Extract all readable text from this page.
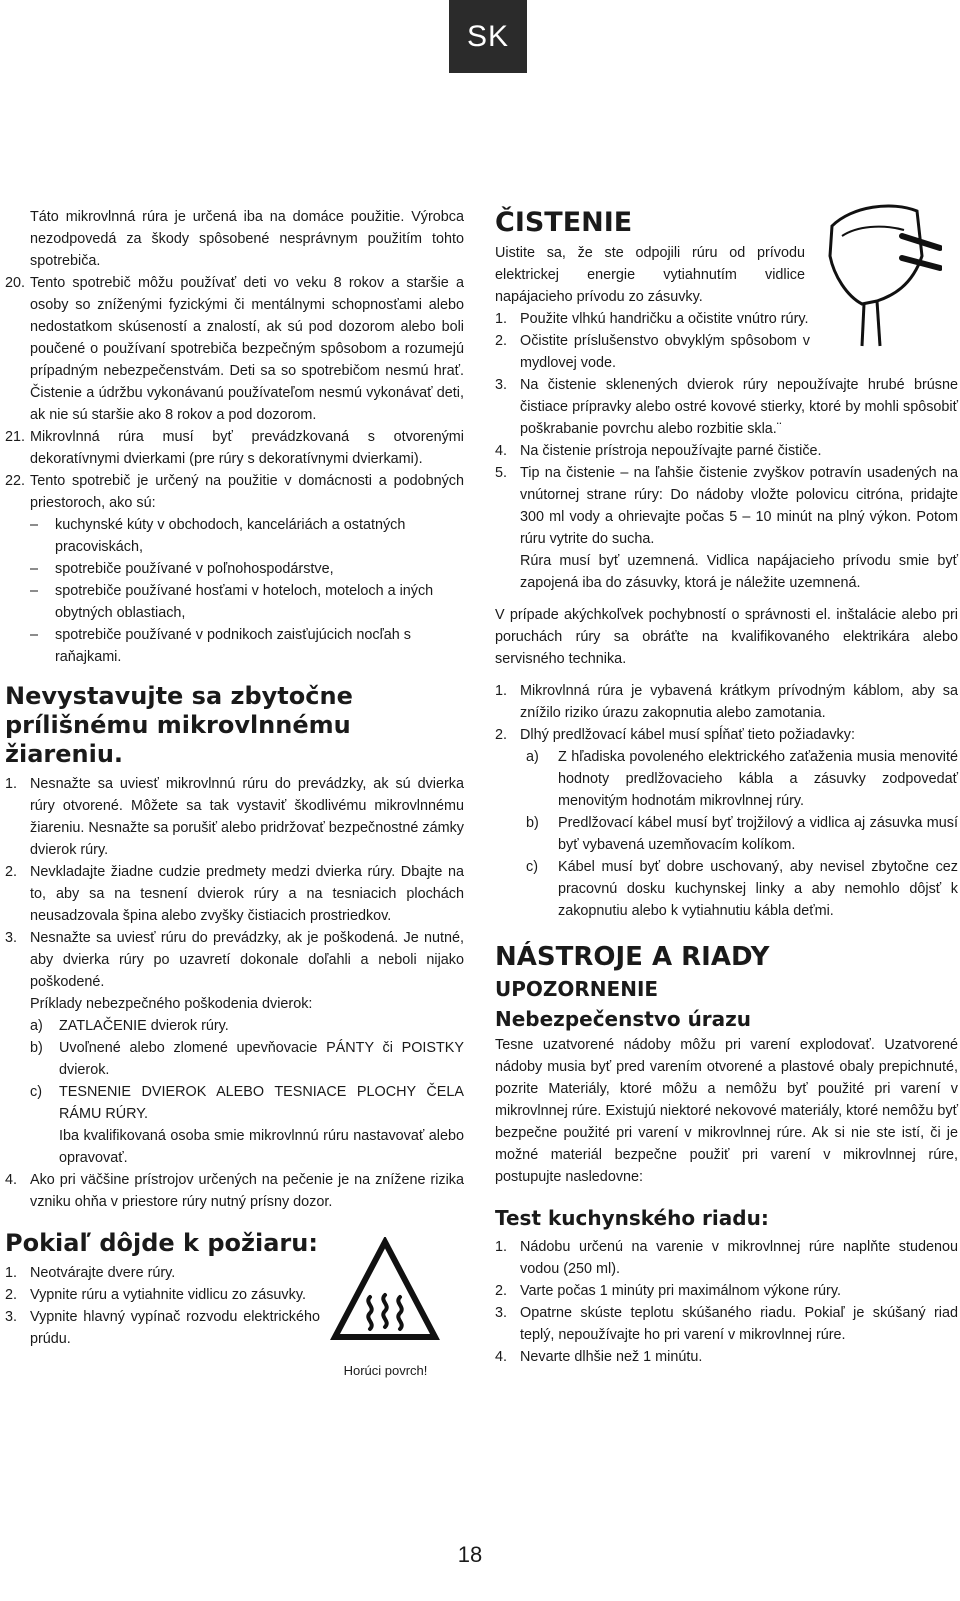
SK

Táto mikrovlnná rúra je určená iba na domáce použitie. Výrobca nezodpovedá za škody spôsobené nesprávnym použitím tohto spotrebiča.

20. Tento spotrebič môžu používať deti vo veku 8 rokov a staršie a osoby so zníženými fyzickými či mentálnymi schopnosťami alebo nedostatkom skúseností a znalostí, ak sú pod dozorom alebo boli poučené o používaní spotrebiča bezpečným spôsobom a rozumejú prípadným nebezpečenstvám. Deti sa so spotrebičom nesmú hrať. Čistenie a údržbu vykonávanú používateľom nesmú vykonávať deti, ak nie sú staršie ako 8 rokov a pod dozorom.
21. Mikrovlnná rúra musí byť prevádzkovaná s otvorenými dekoratívnymi dvierkami (pre rúry s dekoratívnymi dvierkami).
22. Tento spotrebič je určený na použitie v domácnosti a podobných priestoroch, ako sú:
– kuchynské kúty v obchodoch, kanceláriách a ostatných pracoviskách,
– spotrebiče používané v poľnohospodárstve,
– spotrebiče používané hosťami v hoteloch, moteloch a iných obytných oblastiach,
– spotrebiče používané v podnikoch zaisťujúcich nocľah s raňajkami.
Nevystavujte sa zbytočne prílišnému mikrovlnnému žiareniu.
1. Nesnažte sa uviesť mikrovlnnú rúru do prevádzky, ak sú dvierka rúry otvorené. Môžete sa tak vystaviť škodlivému mikrovlnnému žiareniu. Nesnažte sa porušiť alebo pridržovať bezpečnostné zámky dvierok rúry.
2. Nevkladajte žiadne cudzie predmety medzi dvierka rúry. Dbajte na to, aby sa na tesnení dvierok rúry a na tesniacich plochách neusadzovala špina alebo zvyšky čistiacich prostriedkov.
3. Nesnažte sa uviesť rúru do prevádzky, ak je poškodená. Je nutné, aby dvierka rúry po uzavretí dokonale doľahli a neboli nijako poškodené.

Príklady nebezpečného poškodenia dvierok:

a) ZATLAČENIE dvierok rúry.
b) Uvoľnené alebo zlomené upevňovacie PÁNTY či POISTKY dvierok.
c) TESNENIE DVIEROK ALEBO TESNIACE PLOCHY ČELA RÁMU RÚRY.

Iba kvalifikovaná osoba smie mikrovlnnú rúru nastavovať alebo opravovať.

4. Ako pri väčšine prístrojov určených na pečenie je na znížene rizika vzniku ohňa v priestore rúry nutný prísny dozor.
Pokiaľ dôjde k požiaru:
1. Neotvárajte dvere rúry.
2. Vypnite rúru a vytiahnite vidlicu zo zásuvky.
3. Vypnite hlavný vypínač rozvodu elektrického prúdu.
Horúci povrch!
ČISTENIE

Uistite sa, že ste odpojili rúru od prívodu elektrickej energie vytiahnutím vidlice napájacieho prívodu zo zásuvky.

1. Použite vlhkú handričku a očistite vnútro rúry.
2. Očistite príslušenstvo obvyklým spôsobom v mydlovej vode.
3. Na čistenie sklenených dvierok rúry nepoužívajte hrubé brúsne čistiace prípravky alebo ostré kovové stierky, ktoré by mohli spôsobiť poškrabanie povrchu alebo rozbitie skla.¨
4. Na čistenie prístroja nepoužívajte parné čističe.
5. Tip na čistenie – na ľahšie čistenie zvyškov potravín usadených na vnútornej strane rúry: Do nádoby vložte polovicu citróna, pridajte 300 ml vody a ohrievajte počas 5 – 10 minút na plný výkon. Potom rúru vytrite do sucha.

Rúra musí byť uzemnená. Vidlica napájacieho prívodu smie byť zapojená iba do zásuvky, ktorá je náležite uzemnená.

V prípade akýchkoľvek pochybností o správnosti el. inštalácie alebo pri poruchách rúry sa obráťte na kvalifikovaného elektrikára alebo servisného technika.

1. Mikrovlnná rúra je vybavená krátkym prívodným káblom, aby sa znížilo riziko úrazu zakopnutia alebo zamotania.
2. Dlhý predlžovací kábel musí spĺňať tieto požiadavky:
a) Z hľadiska povoleného elektrického zaťaženia musia menovité hodnoty predlžovacieho kábla a zásuvky zodpovedať menovitým hodnotám mikrovlnnej rúry.
b) Predlžovací kábel musí byť trojžilový a vidlica aj zásuvka musí byť vybavená uzemňovacím kolíkom.
c) Kábel musí byť dobre uschovaný, aby nevisel zbytočne cez pracovnú dosku kuchynskej linky a aby nemohlo dôjsť k zakopnutiu alebo k vytiahnutiu kábla deťmi.
NÁSTROJE A RIADY
UPOZORNENIE
Nebezpečenstvo úrazu

Tesne uzatvorené nádoby môžu pri varení explodovať. Uzatvorené nádoby musia byť pred varením otvorené a plastové obaly prepichnuté, pozrite Materiály, ktoré môžu a nemôžu byť použité pri varení v mikrovlnnej rúre. Existujú niektoré nekovové materiály, ktoré nemôžu byť bezpečne použité pri varení v mikrovlnnej rúre. Ak si nie ste istí, či je možné materiál bezpečne použiť pri varení v mikrovlnnej rúre, postupujte nasledovne:

Test kuchynského riadu:
1. Nádobu určenú na varenie v mikrovlnnej rúre naplňte studenou vodou (250 ml).
2. Varte počas 1 minúty pri maximálnom výkone rúry.
3. Opatrne skúste teplotu skúšaného riadu. Pokiaľ je skúšaný riad teplý, nepoužívajte ho pri varení v mikrovlnnej rúre.
4. Nevarte dlhšie než 1 minútu.
18
